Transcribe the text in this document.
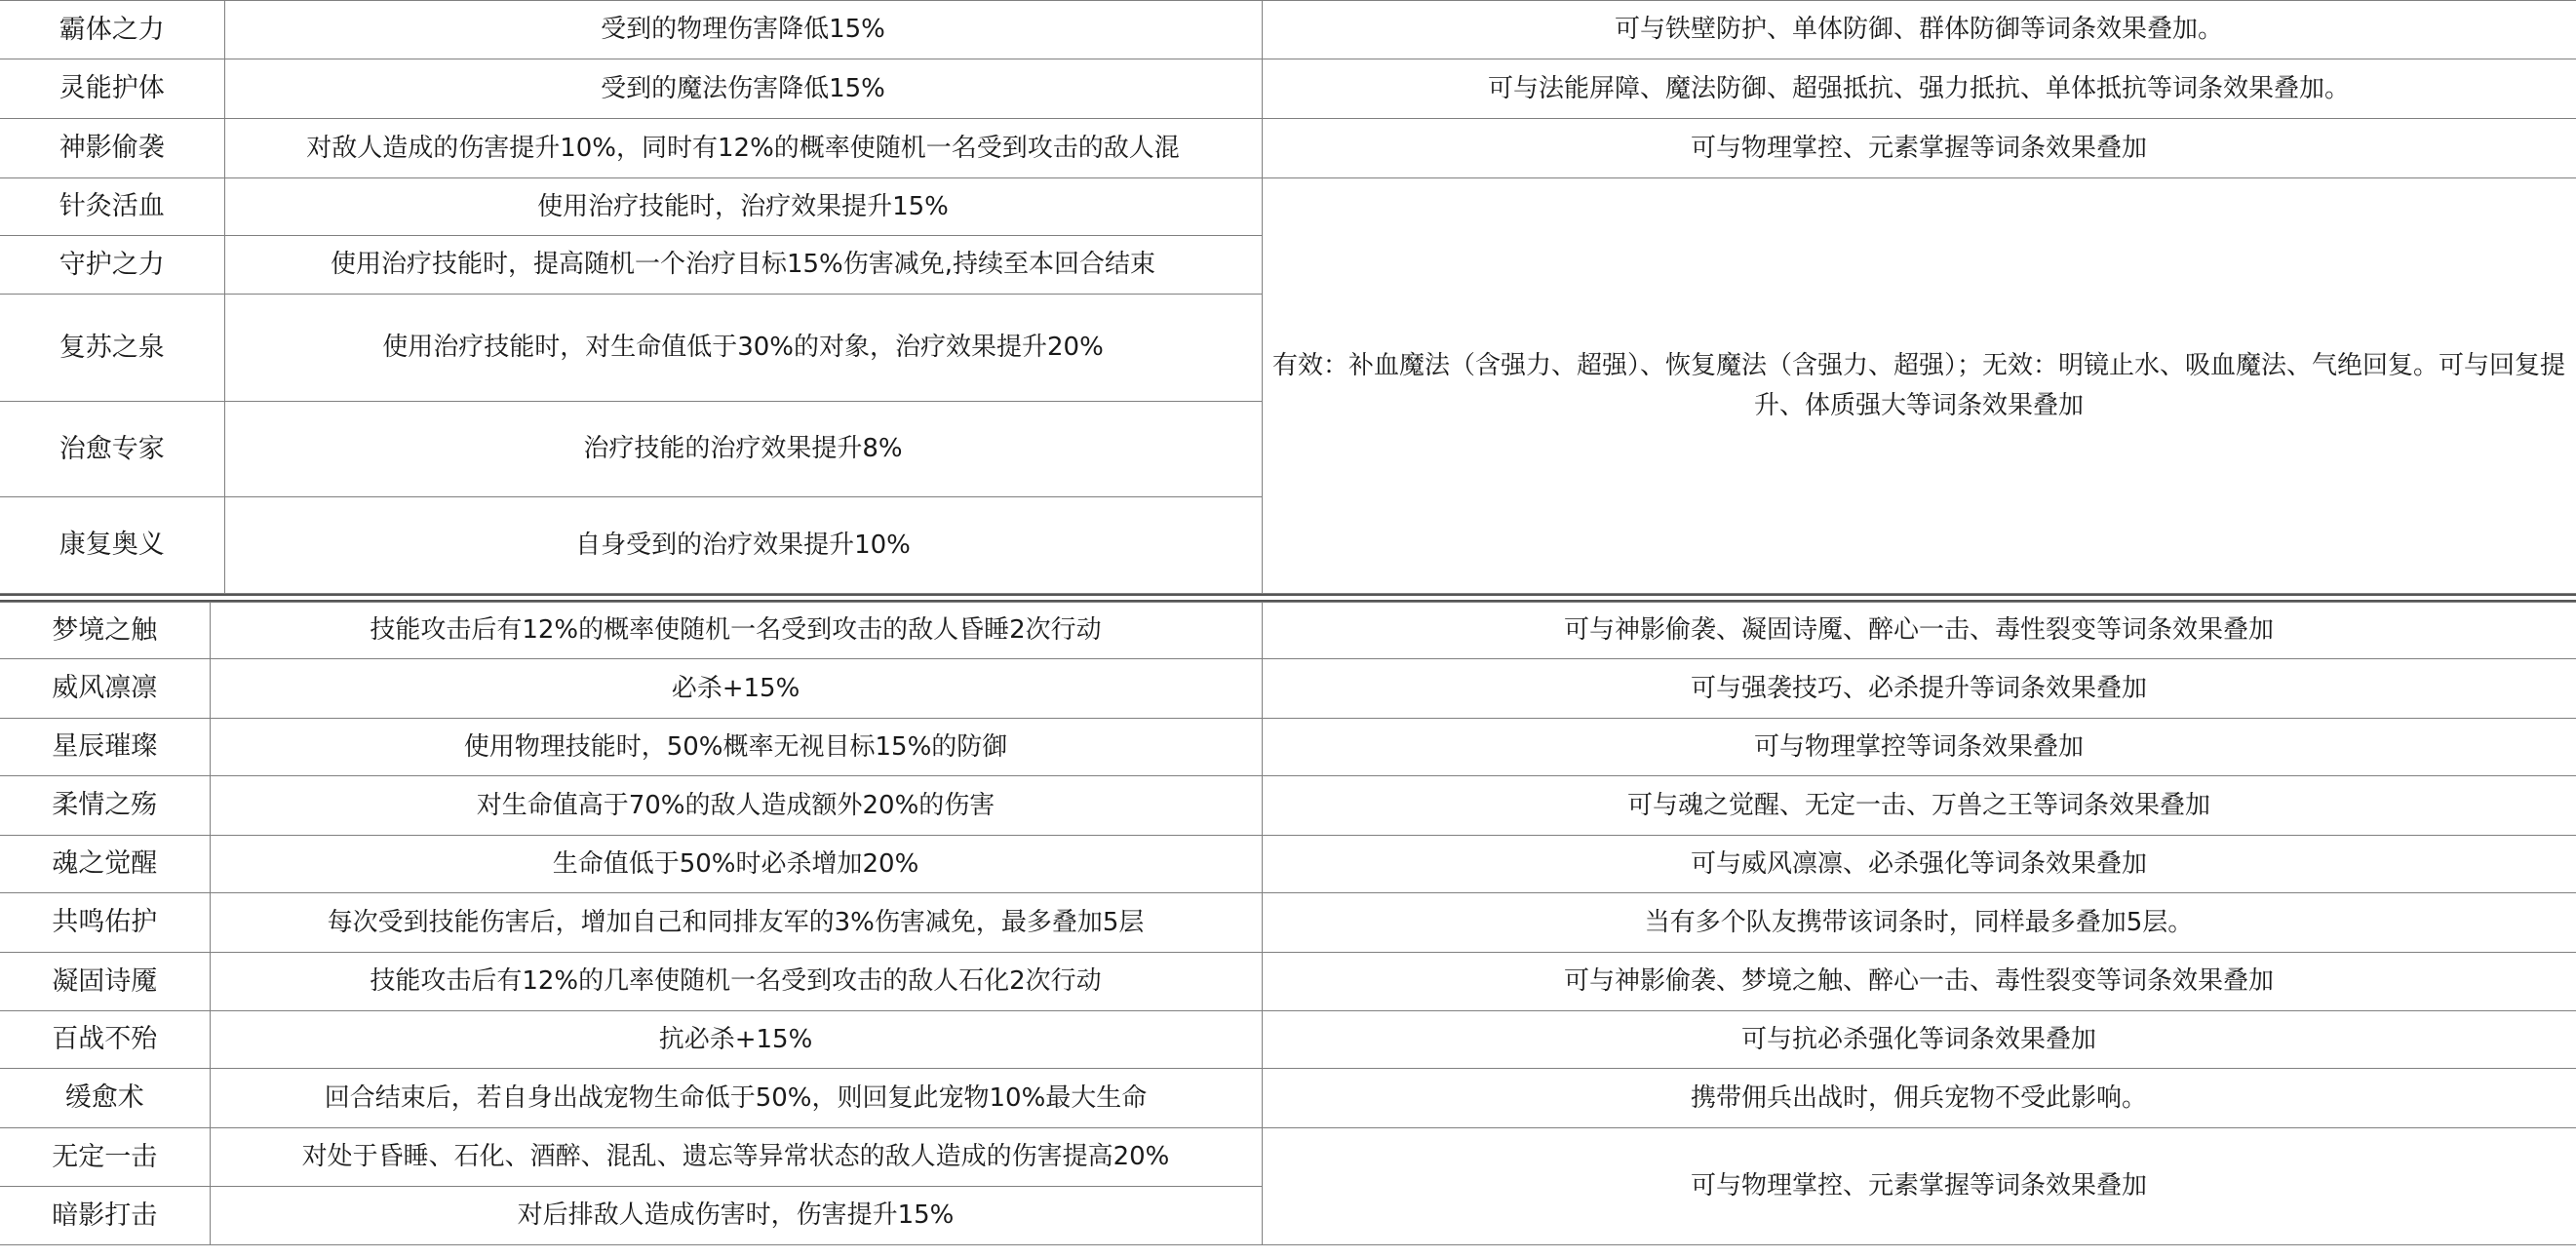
霸体之力	受到的物理伤害降低15%	可与铁壁防护、单体防御、群体防御等词条效果叠加。
灵能护体	受到的魔法伤害降低15%	可与法能屏障、魔法防御、超强抵抗、强力抵抗、单体抵抗等词条效果叠加。
神影偷袭	对敌人造成的伤害提升10%，同时有12%的概率使随机一名受到攻击的敌人混	可与物理掌控、元素掌握等词条效果叠加
针灸活血	使用治疗技能时，治疗效果提升15%	有效：补血魔法（含强力、超强）、恢复魔法（含强力、超强）；无效：明镜止水、吸血魔法、气绝回复。可与回复提升、体质强大等词条效果叠加
守护之力	使用治疗技能时，提高随机一个治疗目标15%伤害减免,持续至本回合结束	
复苏之泉	使用治疗技能时，对生命值低于30%的对象，治疗效果提升20%	
治愈专家	治疗技能的治疗效果提升8%	
康复奥义	自身受到的治疗效果提升10%	
梦境之触	技能攻击后有12%的概率使随机一名受到攻击的敌人昏睡2次行动	可与神影偷袭、凝固诗魇、醉心一击、毒性裂变等词条效果叠加
威风凛凛	必杀+15%	可与强袭技巧、必杀提升等词条效果叠加
星辰璀璨	使用物理技能时，50%概率无视目标15%的防御	可与物理掌控等词条效果叠加
柔情之殇	对生命值高于70%的敌人造成额外20%的伤害	可与魂之觉醒、无定一击、万兽之王等词条效果叠加
魂之觉醒	生命值低于50%时必杀增加20%	可与威风凛凛、必杀强化等词条效果叠加
共鸣佑护	每次受到技能伤害后，增加自己和同排友军的3%伤害减免，最多叠加5层	当有多个队友携带该词条时，同样最多叠加5层。
凝固诗魇	技能攻击后有12%的几率使随机一名受到攻击的敌人石化2次行动	可与神影偷袭、梦境之触、醉心一击、毒性裂变等词条效果叠加
百战不殆	抗必杀+15%	可与抗必杀强化等词条效果叠加
缓愈术	回合结束后，若自身出战宠物生命低于50%，则回复此宠物10%最大生命	携带佣兵出战时，佣兵宠物不受此影响。
无定一击	对处于昏睡、石化、酒醉、混乱、遗忘等异常状态的敌人造成的伤害提高20%	可与物理掌控、元素掌握等词条效果叠加
暗影打击	对后排敌人造成伤害时，伤害提升15%	
